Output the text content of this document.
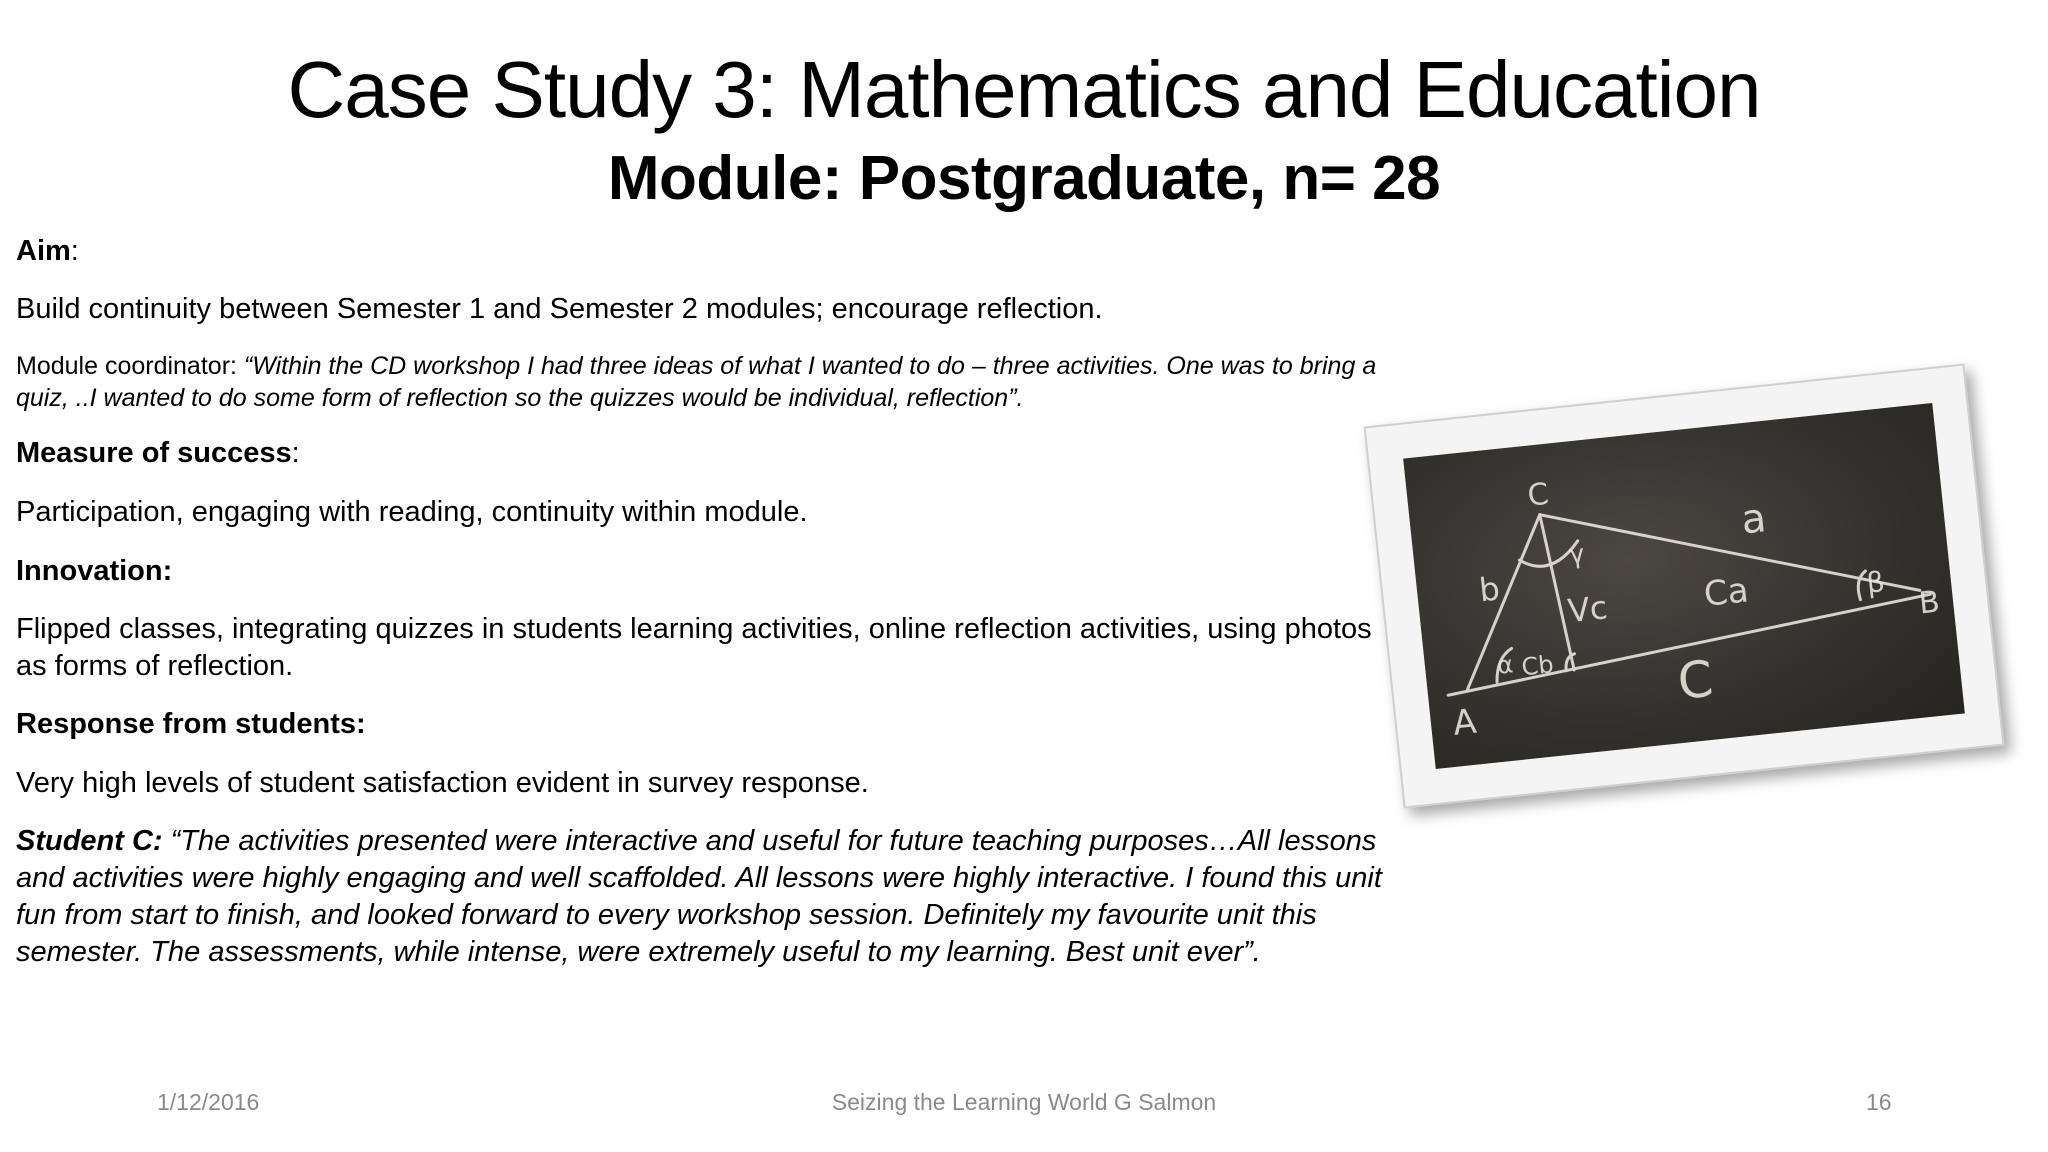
Case Study 3: Mathematics and Education
Module: Postgraduate, n= 28

Aim:

Build continuity between Semester 1 and Semester 2 modules; encourage reflection.

Module coordinator: “Within the CD workshop I had three ideas of what I wanted to do – three activities. One was to bring a quiz, ..I wanted to do some form of reflection so the quizzes would be individual, reflection”.

Measure of success:

Participation, engaging with reading, continuity within module.

Innovation:

Flipped classes, integrating quizzes in students learning activities, online reflection activities, using photos as forms of reflection.

Response from students:

Very high levels of student satisfaction evident in survey response.

Student C: “The activities presented were interactive and useful for future teaching purposes…All lessons and activities were highly engaging and well scaffolded. All lessons were highly interactive. I found this unit fun from start to finish, and looked forward to every workshop session. Definitely my favourite unit this semester. The assessments, while intense, were extremely useful to my learning. Best unit ever”.

C	a
b
γ
Vc	Ca	β
α Cb
A
B
C
1/12/2016	Seizing the Learning World G Salmon	16
